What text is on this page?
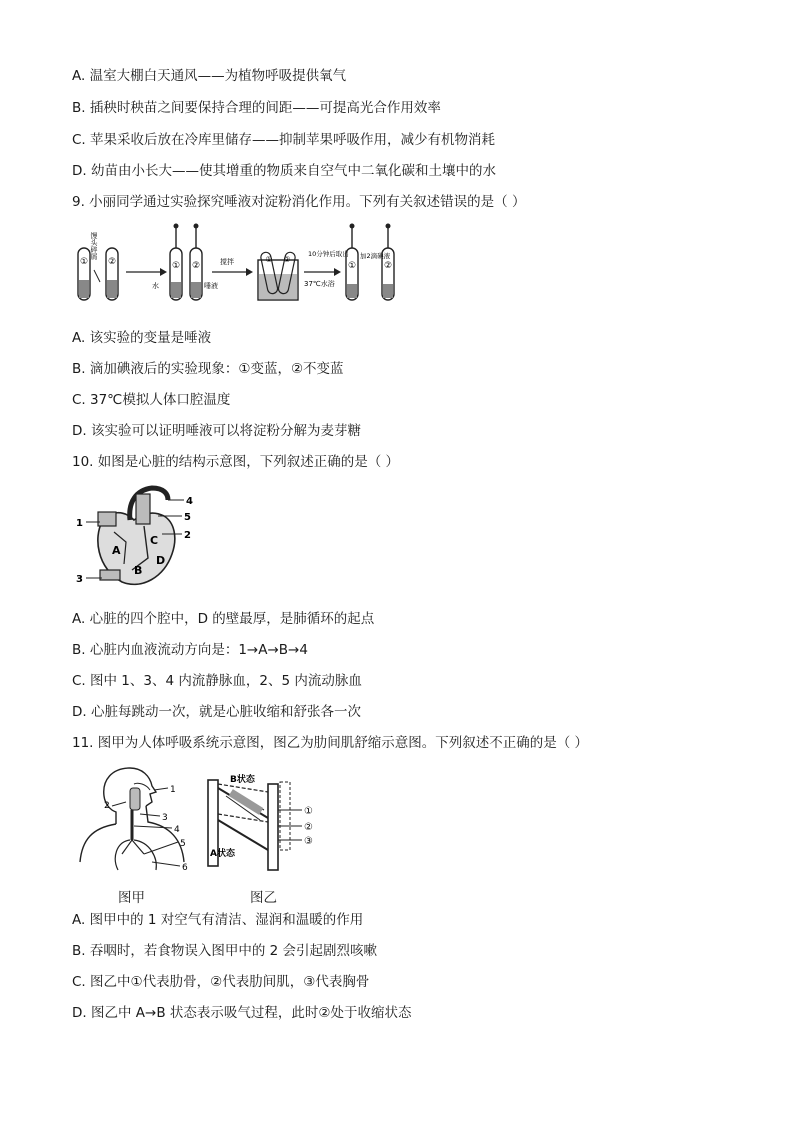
A. 温室大棚白天通风——为植物呼吸提供氧气
B. 插秧时秧苗之间要保持合理的间距——可提高光合作用效率
C. 苹果采收后放在冷库里储存——抑制苹果呼吸作用，减少有机物消耗
D. 幼苗由小长大——使其增重的物质来自空气中二氧化碳和土壤中的水
9. 小丽同学通过实验探究唾液对淀粉消化作用。下列有关叙述错误的是（ ）
① ②
馒头碎屑
① ②
水	唾液
搅拌	① ②
10分钟后取出
37℃水浴
①	②
加2滴碘液
A. 该实验的变量是唾液
B. 滴加碘液后的实验现象：①变蓝，②不变蓝
C. 37℃模拟人体口腔温度
D. 该实验可以证明唾液可以将淀粉分解为麦芽糖
10. 如图是心脏的结构示意图，下列叙述正确的是（ ）
4
5
2
1
3
A
B
C
D
A. 心脏的四个腔中，D 的壁最厚，是肺循环的起点
B. 心脏内血液流动方向是：1→A→B→4
C. 图中 1、3、4 内流静脉血，2、5 内流动脉血
D. 心脏每跳动一次，就是心脏收缩和舒张各一次
11. 图甲为人体呼吸系统示意图，图乙为肋间肌舒缩示意图。下列叙述不正确的是（ ）
1
2
3
4
5
6
B状态
A状态
①
②
③
图甲	图乙
A. 图甲中的 1 对空气有清洁、湿润和温暖的作用
B. 吞咽时，若食物误入图甲中的 2 会引起剧烈咳嗽
C. 图乙中①代表肋骨，②代表肋间肌，③代表胸骨
D. 图乙中 A→B 状态表示吸气过程，此时②处于收缩状态
